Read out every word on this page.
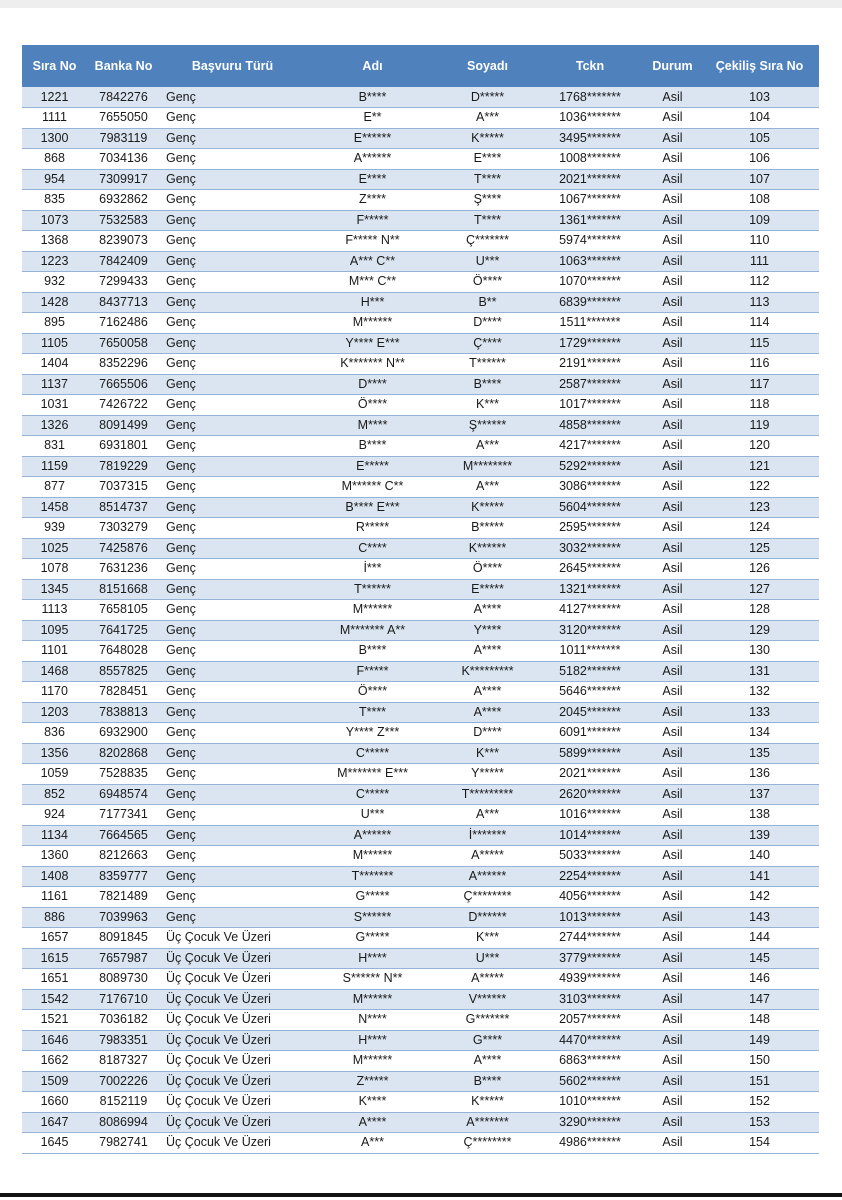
Sıra No	Banka No	Başvuru Türü	Adı	Soyadı	Tckn	Durum	Çekiliş Sıra No
1221	7842276	Genç	B****	D*****	1768*******	Asil	103
1111	7655050	Genç	E**	A***	1036*******	Asil	104
1300	7983119	Genç	E******	K*****	3495*******	Asil	105
868	7034136	Genç	A******	E****	1008*******	Asil	106
954	7309917	Genç	E****	T****	2021*******	Asil	107
835	6932862	Genç	Z****	Ş****	1067*******	Asil	108
1073	7532583	Genç	F*****	T****	1361*******	Asil	109
1368	8239073	Genç	F***** N**	Ç*******	5974*******	Asil	110
1223	7842409	Genç	A*** C**	U***	1063*******	Asil	111
932	7299433	Genç	M*** C**	Ö****	1070*******	Asil	112
1428	8437713	Genç	H***	B**	6839*******	Asil	113
895	7162486	Genç	M******	D****	1511*******	Asil	114
1105	7650058	Genç	Y**** E***	Ç****	1729*******	Asil	115
1404	8352296	Genç	K******* N**	T******	2191*******	Asil	116
1137	7665506	Genç	D****	B****	2587*******	Asil	117
1031	7426722	Genç	Ö****	K***	1017*******	Asil	118
1326	8091499	Genç	M****	Ş******	4858*******	Asil	119
831	6931801	Genç	B****	A***	4217*******	Asil	120
1159	7819229	Genç	E*****	M********	5292*******	Asil	121
877	7037315	Genç	M****** C**	A***	3086*******	Asil	122
1458	8514737	Genç	B**** E***	K*****	5604*******	Asil	123
939	7303279	Genç	R*****	B*****	2595*******	Asil	124
1025	7425876	Genç	C****	K******	3032*******	Asil	125
1078	7631236	Genç	İ***	Ö****	2645*******	Asil	126
1345	8151668	Genç	T******	E*****	1321*******	Asil	127
1113	7658105	Genç	M******	A****	4127*******	Asil	128
1095	7641725	Genç	M******* A**	Y****	3120*******	Asil	129
1101	7648028	Genç	B****	A****	1011*******	Asil	130
1468	8557825	Genç	F*****	K*********	5182*******	Asil	131
1170	7828451	Genç	Ö****	A****	5646*******	Asil	132
1203	7838813	Genç	T****	A****	2045*******	Asil	133
836	6932900	Genç	Y**** Z***	D****	6091*******	Asil	134
1356	8202868	Genç	C*****	K***	5899*******	Asil	135
1059	7528835	Genç	M******* E***	Y*****	2021*******	Asil	136
852	6948574	Genç	C*****	T*********	2620*******	Asil	137
924	7177341	Genç	U***	A***	1016*******	Asil	138
1134	7664565	Genç	A******	İ*******	1014*******	Asil	139
1360	8212663	Genç	M******	A*****	5033*******	Asil	140
1408	8359777	Genç	T*******	A******	2254*******	Asil	141
1161	7821489	Genç	G*****	Ç********	4056*******	Asil	142
886	7039963	Genç	S******	D******	1013*******	Asil	143
1657	8091845	Üç Çocuk Ve Üzeri	G*****	K***	2744*******	Asil	144
1615	7657987	Üç Çocuk Ve Üzeri	H****	U***	3779*******	Asil	145
1651	8089730	Üç Çocuk Ve Üzeri	S****** N**	A*****	4939*******	Asil	146
1542	7176710	Üç Çocuk Ve Üzeri	M******	V******	3103*******	Asil	147
1521	7036182	Üç Çocuk Ve Üzeri	N****	G*******	2057*******	Asil	148
1646	7983351	Üç Çocuk Ve Üzeri	H****	G****	4470*******	Asil	149
1662	8187327	Üç Çocuk Ve Üzeri	M******	A****	6863*******	Asil	150
1509	7002226	Üç Çocuk Ve Üzeri	Z*****	B****	5602*******	Asil	151
1660	8152119	Üç Çocuk Ve Üzeri	K****	K*****	1010*******	Asil	152
1647	8086994	Üç Çocuk Ve Üzeri	A****	A*******	3290*******	Asil	153
1645	7982741	Üç Çocuk Ve Üzeri	A***	Ç********	4986*******	Asil	154
